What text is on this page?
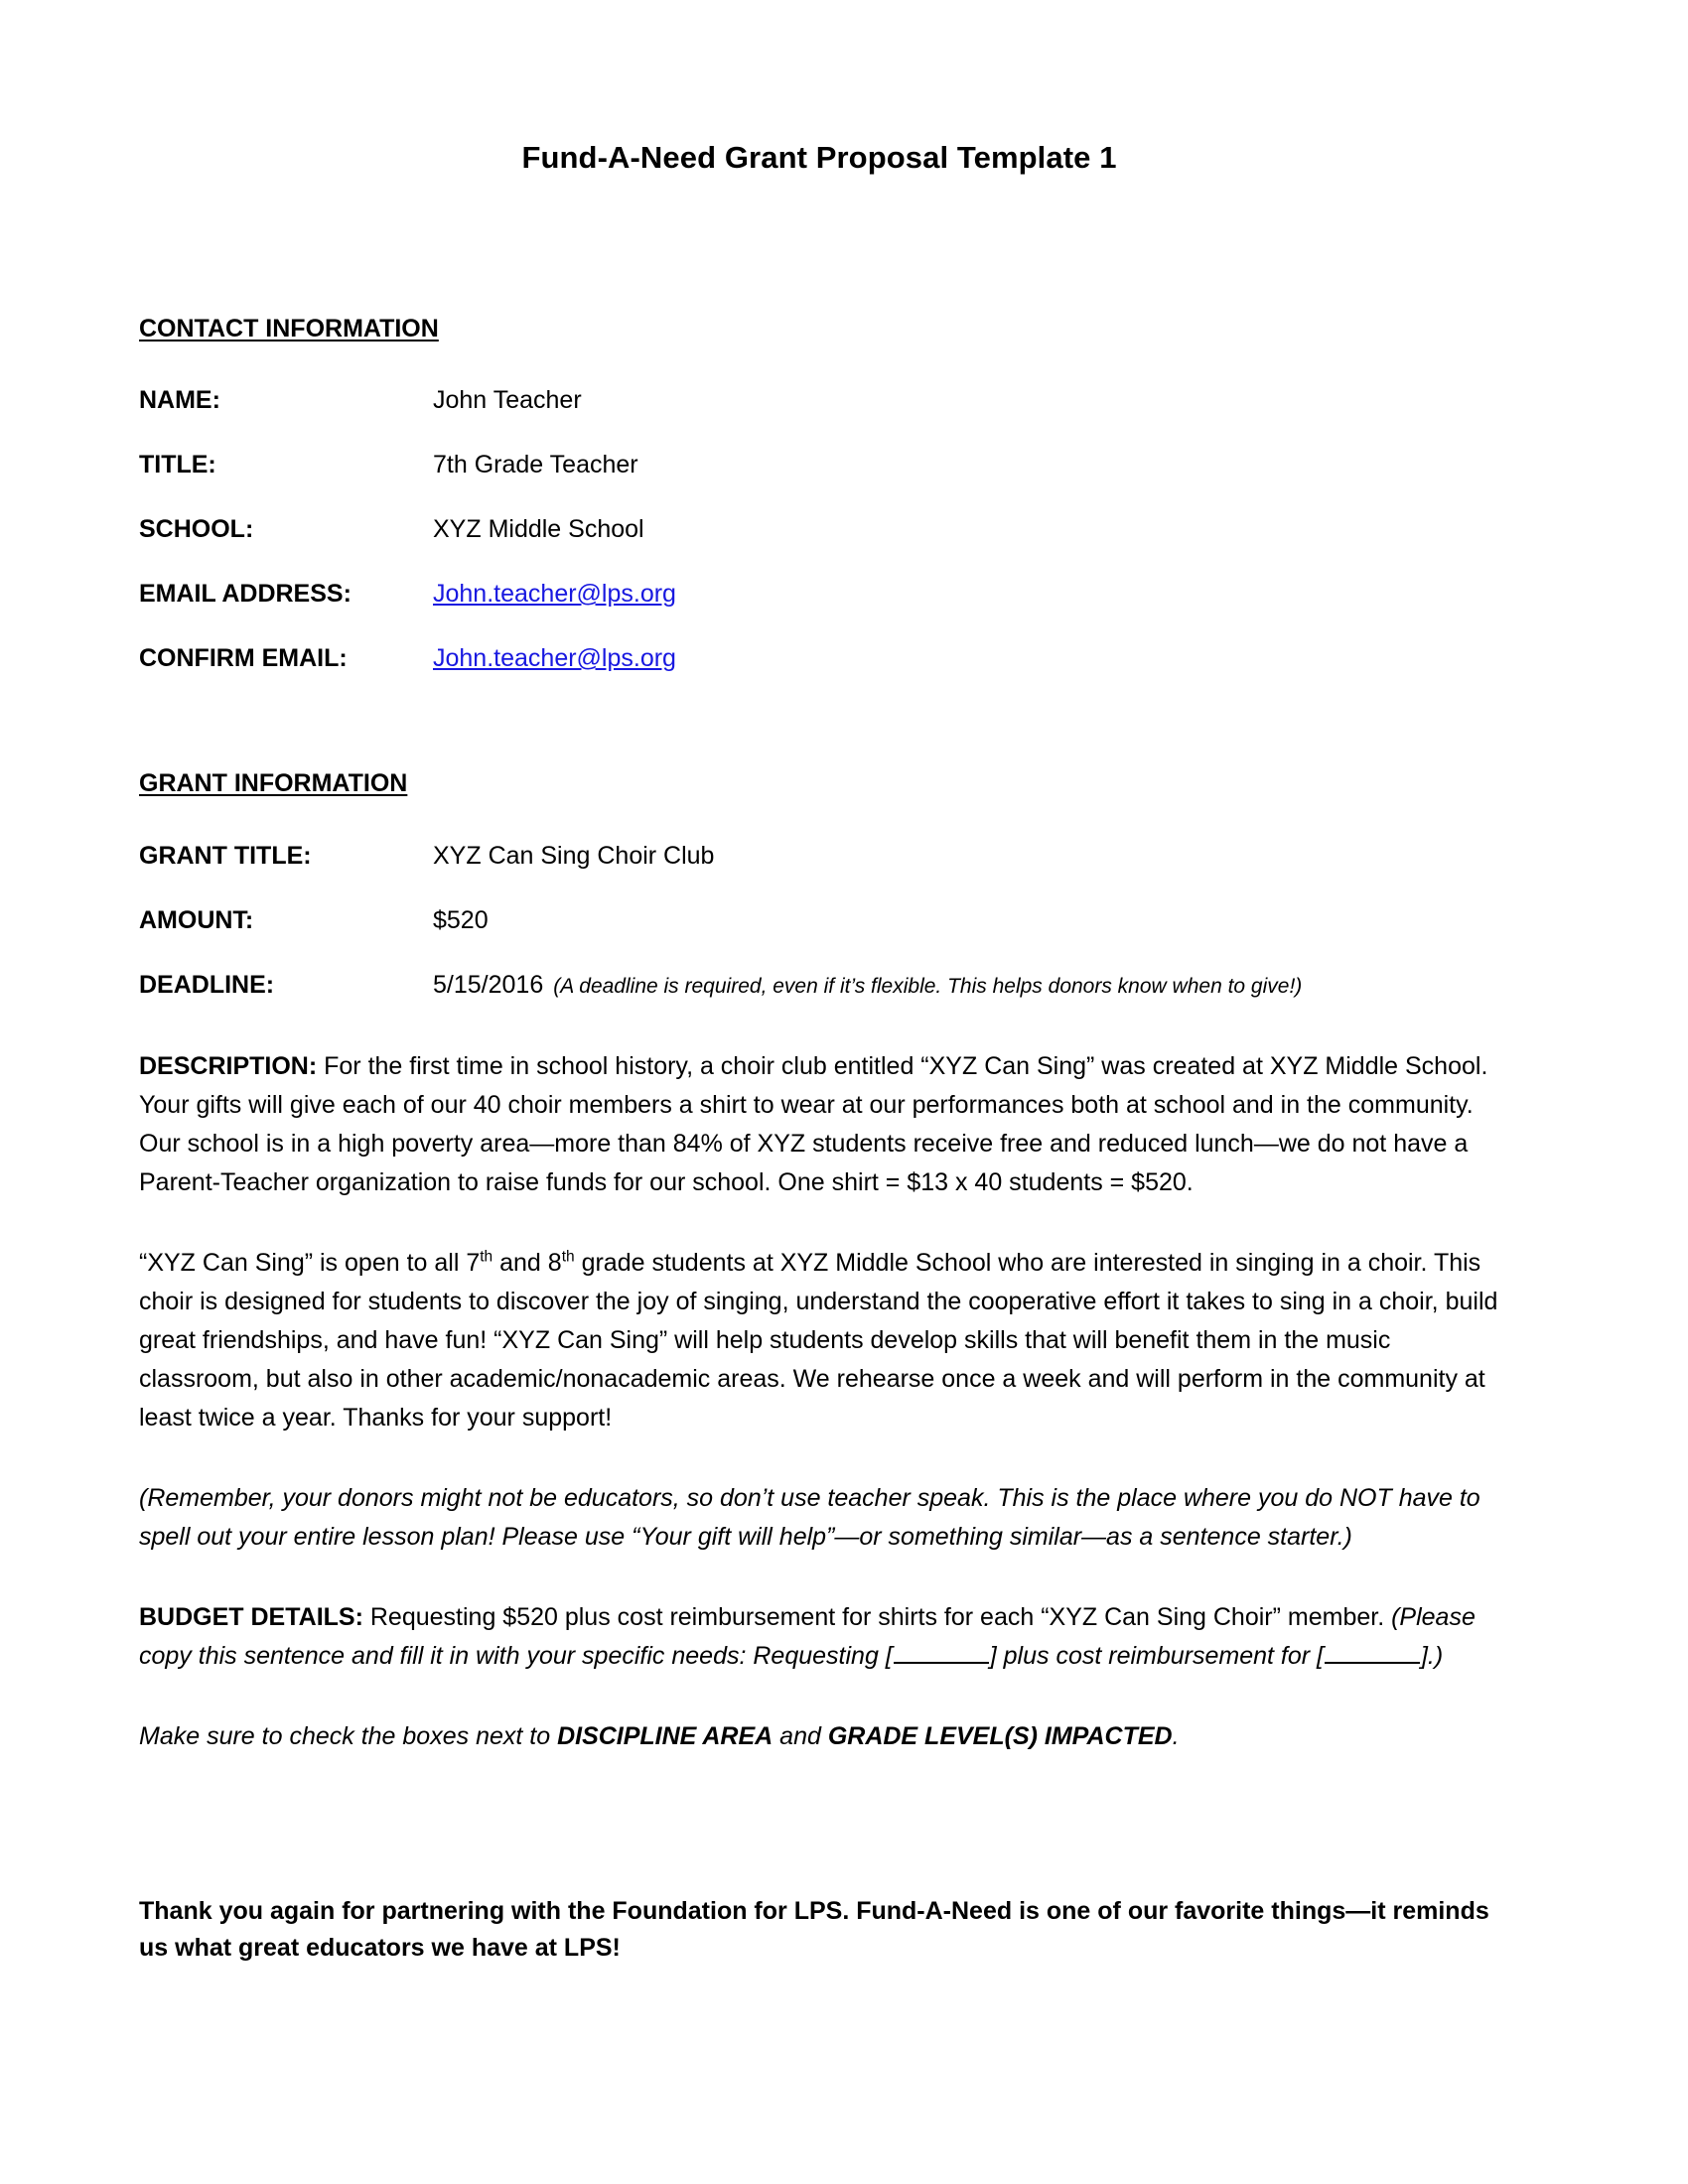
Fund-A-Need Grant Proposal Template 1
CONTACT INFORMATION
NAME:	John Teacher
TITLE:	7th Grade Teacher
SCHOOL:	XYZ Middle School
EMAIL ADDRESS:	John.teacher@lps.org
CONFIRM EMAIL:	John.teacher@lps.org
GRANT INFORMATION
GRANT TITLE:	XYZ Can Sing Choir Club
AMOUNT:	$520
DEADLINE:	5/15/2016 (A deadline is required, even if it’s flexible. This helps donors know when to give!)

DESCRIPTION: For the first time in school history, a choir club entitled “XYZ Can Sing” was created at XYZ Middle School. Your gifts will give each of our 40 choir members a shirt to wear at our performances both at school and in the community. Our school is in a high poverty area—more than 84% of XYZ students receive free and reduced lunch—we do not have a Parent-Teacher organization to raise funds for our school. One shirt = $13 x 40 students = $520.

“XYZ Can Sing” is open to all 7th and 8th grade students at XYZ Middle School who are interested in singing in a choir. This choir is designed for students to discover the joy of singing, understand the cooperative effort it takes to sing in a choir, build great friendships, and have fun! “XYZ Can Sing” will help students develop skills that will benefit them in the music classroom, but also in other academic/nonacademic areas. We rehearse once a week and will perform in the community at least twice a year. Thanks for your support!

(Remember, your donors might not be educators, so don’t use teacher speak. This is the place where you do NOT have to spell out your entire lesson plan! Please use “Your gift will help”—or something similar—as a sentence starter.)

BUDGET DETAILS: Requesting $520 plus cost reimbursement for shirts for each “XYZ Can Sing Choir” member. (Please copy this sentence and fill it in with your specific needs: Requesting [	] plus cost reimbursement for [	].)

Make sure to check the boxes next to DISCIPLINE AREA and GRADE LEVEL(S) IMPACTED.

Thank you again for partnering with the Foundation for LPS. Fund-A-Need is one of our favorite things—it reminds us what great educators we have at LPS!
